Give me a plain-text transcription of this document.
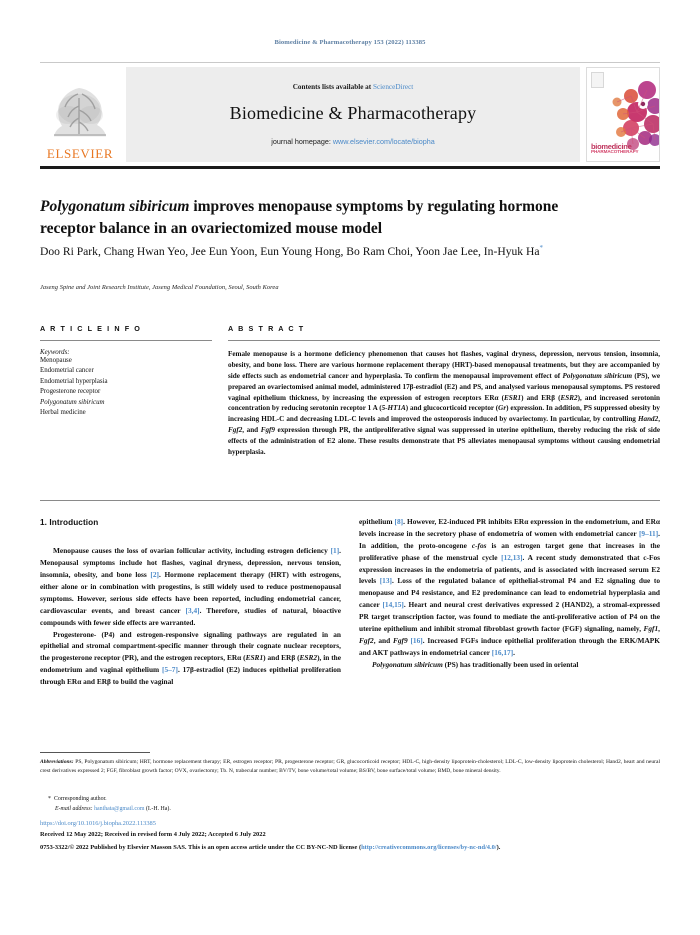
Biomedicine & Pharmacotherapy 153 (2022) 113385
ELSEVIER
Contents lists available at ScienceDirect
Biomedicine & Pharmacotherapy
journal homepage: www.elsevier.com/locate/biopha
biomedicine
PHARMACOTHERAPY
Polygonatum sibiricum improves menopause symptoms by regulating hormone receptor balance in an ovariectomized mouse model
Doo Ri Park, Chang Hwan Yeo, Jee Eun Yoon, Eun Young Hong, Bo Ram Choi, Yoon Jae Lee, In-Hyuk Ha*
Jaseng Spine and Joint Research Institute, Jaseng Medical Foundation, Seoul, South Korea
A R T I C L E I N F O
Keywords:
Menopause
Endometrial cancer
Endometrial hyperplasia
Progesterone receptor
Polygonatum sibiricum
Herbal medicine
A B S T R A C T
Female menopause is a hormone deficiency phenomenon that causes hot flashes, vaginal dryness, depression, nervous tension, insomnia, obesity, and bone loss. There are various hormone replacement therapy (HRT)-based menopausal treatments, but they are accompanied by side effects such as endometrial cancer and hyperplasia. To confirm the menopausal improvement effect of Polygonatum sibiricum (PS), we prepared an ovariectomised animal model, administered 17β-estradiol (E2) and PS, and analysed various menopausal symptoms. PS restored vaginal epithelium thickness, by increasing the expression of estrogen receptors ERα (ESR1) and ERβ (ESR2), and increased serotonin concentration by reducing serotonin receptor 1 A (5-HT1A) and glucocorticoid receptor (Gr) expression. In addition, PS suppressed obesity by increasing HDL-C and decreasing LDL-C levels and improved the osteoporosis induced by ovariectomy. In particular, by controlling Hand2, Fgf2, and Fgf9 expression through PR, the antiproliferative signal was suppressed in uterine epithelium, thereby reducing the risk of side effects of the administration of E2 alone. These results demonstrate that PS alleviates menopausal symptoms without causing endometrial hyperplasia.
1. Introduction

Menopause causes the loss of ovarian follicular activity, including estrogen deficiency [1]. Menopausal symptoms include hot flashes, vaginal dryness, depression, nervous tension, insomnia, obesity, and bone loss [2]. Hormone replacement therapy (HRT) with estrogens, either alone or in combination with progestins, is still widely used to reduce postmenopausal symptoms. However, serious side effects have been reported, including endometrial cancer, cardiovascular events, and breast cancer [3,4]. Therefore, studies of natural, bioactive compounds with fewer side effects are warranted.

Progesterone- (P4) and estrogen-responsive signaling pathways are regulated in an epithelial and stromal compartment-specific manner through their cognate nuclear receptors, the progesterone receptor (PR), and the estrogen receptors, ERα (ESR1) and ERβ (ESR2), in the endometrium and vaginal epithelium [5–7]. 17β-estradiol (E2) induces epithelial proliferation through ERα and ERβ to build the vaginal

epithelium [8]. However, E2-induced PR inhibits ERα expression in the endometrium, and ERα levels increase in the secretory phase of endometria of women with endometrial cancer [9–11]. In addition, the proto-oncogene c-fos is an estrogen target gene that increases in the proliferative phase of the menstrual cycle [12,13]. A recent study demonstrated that c-Fos expression increases in the endometria of patients, and is associated with increased serum E2 levels [13]. Loss of the regulated balance of epithelial-stromal P4 and E2 signaling due to menopause and P4 resistance, and E2 predominance can lead to endometrial hyperplasia and cancer [14,15]. Heart and neural crest derivatives expressed 2 (HAND2), a stromal-expressed PR target transcription factor, was found to mediate the anti-proliferative action of P4 on the uterine epithelium and inhibit stromal fibroblast growth factor (FGF) signaling, namely, Fgf1, Fgf2, and Fgf9 [16]. Increased FGFs induce epithelial proliferation through the ERK/MAPK and AKT pathways in endometrial cancer [16,17].

Polygonatum sibiricum (PS) has traditionally been used in oriental

Abbreviations: PS, Polygonatum sibiricum; HRT, hormone replacement therapy; ER, estrogen receptor; PR, progesterone receptor; GR, glucocorticoid receptor; HDL-C, high-density lipoprotein-cholesterol; LDL-C, low-density lipoprotein cholesterol; Hand2, heart and neural crest derivatives expressed 2; FGF, fibroblast growth factor; OVX, ovariectomy; Tb. N, trabecular number; BV/TV, bone volume/total volume; BS/BV, bone surface/total volume; BMD, bone mineral density.
* Corresponding author.
E-mail address: hanihata@gmail.com (I.-H. Ha).
https://doi.org/10.1016/j.biopha.2022.113385
Received 12 May 2022; Received in revised form 4 July 2022; Accepted 6 July 2022
0753-3322/© 2022 Published by Elsevier Masson SAS. This is an open access article under the CC BY-NC-ND license (http://creativecommons.org/licenses/by-nc-nd/4.0/).
